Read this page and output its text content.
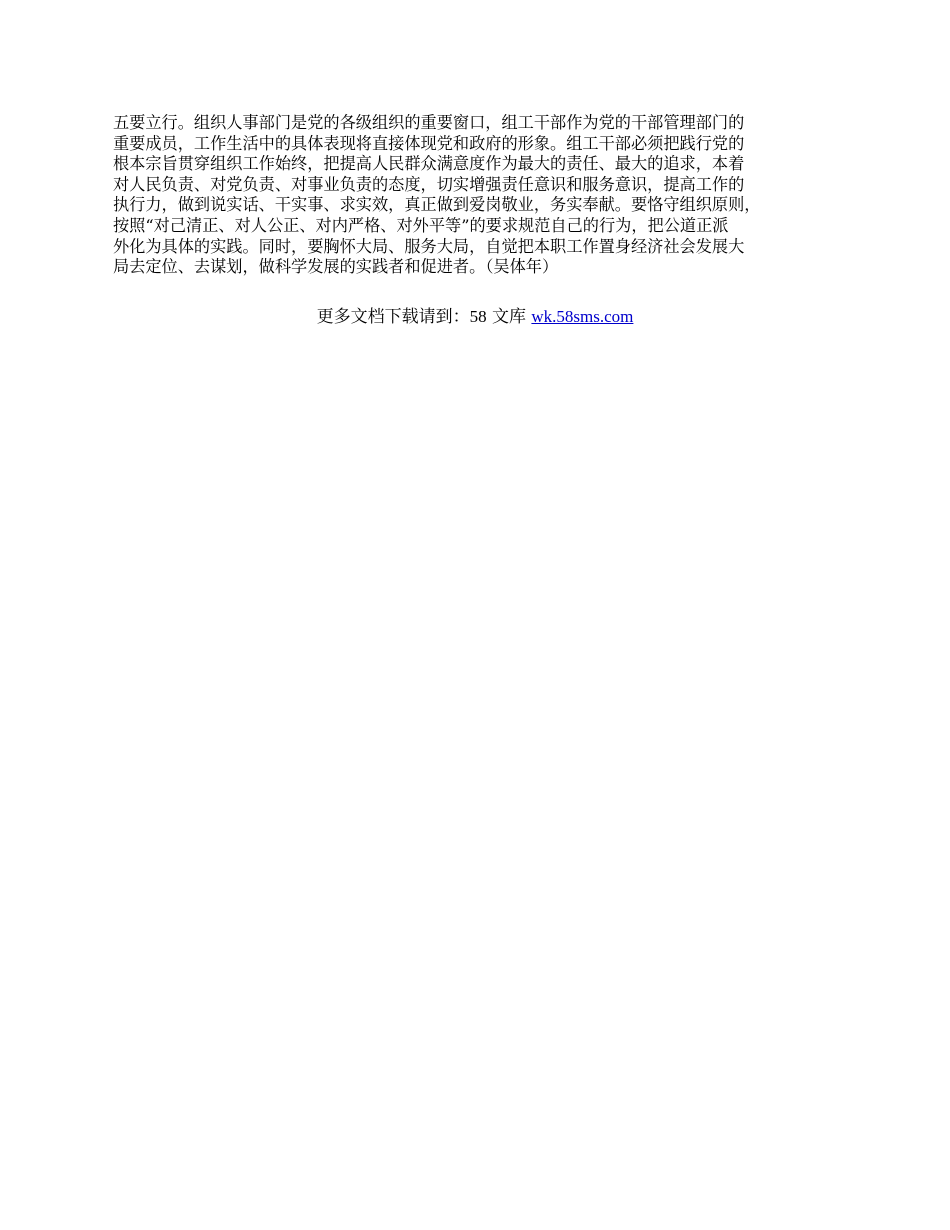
五要立行。组织人事部门是党的各级组织的重要窗口，组工干部作为党的干部管理部门的
重要成员，工作生活中的具体表现将直接体现党和政府的形象。组工干部必须把践行党的
根本宗旨贯穿组织工作始终，把提高人民群众满意度作为最大的责任、最大的追求，本着
对人民负责、对党负责、对事业负责的态度，切实增强责任意识和服务意识，提高工作的
执行力，做到说实话、干实事、求实效，真正做到爱岗敬业，务实奉献。要恪守组织原则，
按照“对己清正、对人公正、对内严格、对外平等”的要求规范自己的行为，把公道正派
外化为具体的实践。同时，要胸怀大局、服务大局，自觉把本职工作置身经济社会发展大
局去定位、去谋划，做科学发展的实践者和促进者。（吴体年）
更多文档下载请到：58 文库 wk.58sms.com
